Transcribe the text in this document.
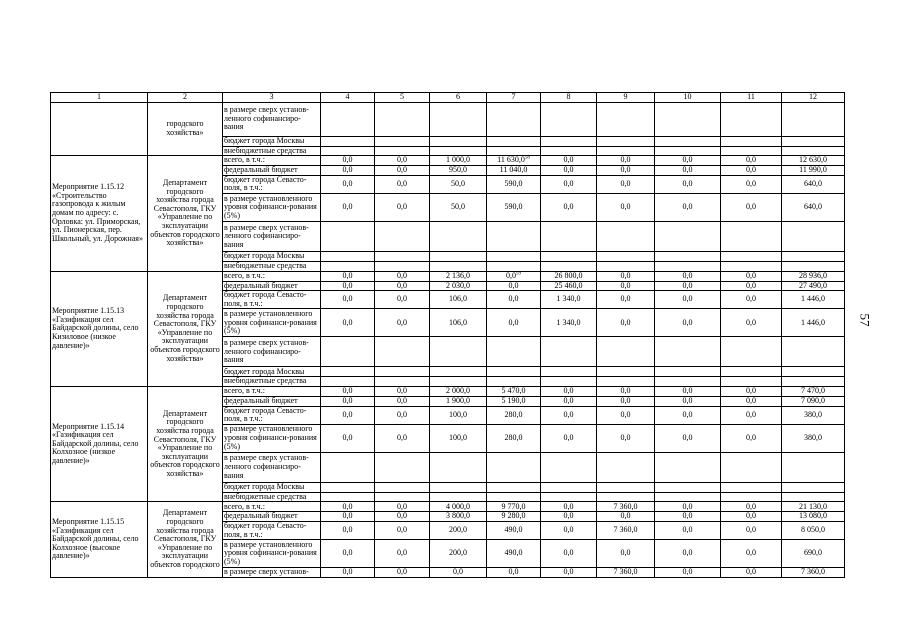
1	2	3	4	5	6	7	8	9	10	11	12
	городского хозяйства»	в размере сверх установ-ленного софинансиро-вания									
		бюджет города Москвы									
		внебюджетные средства									
Мероприятие 1.15.12 «Строительство газопровода к жилым домам по адресу: с. Орловка: ул. Приморская, ул. Пионерская, пер. Школьный, ул. Дорожная»	Департамент городского хозяйства города Севастополя, ГКУ «Управление по эксплуатации объектов городского хозяйства»	всего, в т.ч.:	0,0	0,0	1 000,0	11 630,0$^{58}$	0,0	0,0	0,0	0,0	12 630,0
		федеральный бюджет	0,0	0,0	950,0	11 040,0	0,0	0,0	0,0	0,0	11 990,0
		бюджет города Севасто-поля, в т.ч.:	0,0	0,0	50,0	590,0	0,0	0,0	0,0	0,0	640,0
		в размере установленного уровня софинанси-рования (5%)	0,0	0,0	50,0	590,0	0,0	0,0	0,0	0,0	640,0
		в размере сверх установ-ленного софинансиро-вания									
		бюджет города Москвы									
		внебюджетные средства									
Мероприятие 1.15.13 «Газификация сел Байдарской долины, село Кизиловое (низкое давление)»	Департамент городского хозяйства города Севастополя, ГКУ «Управление по эксплуатации объектов городского хозяйства»	всего, в т.ч.:	0,0	0,0	2 136,0	$0,0^{59}$	26 800,0	0,0	0,0	0,0	28 936,0
		федеральный бюджет	0,0	0,0	2 030,0	0,0	25 460,0	0,0	0,0	0,0	27 490,0
		бюджет города Севасто-поля, в т.ч.:	0,0	0,0	106,0	0,0	1 340,0	0,0	0,0	0,0	1 446,0
		в размере установленного уровня софинанси-рования (5%)	0,0	0,0	106,0	0,0	1 340,0	0,0	0,0	0,0	1 446,0
		в размере сверх установ-ленного софинансиро-вания									
		бюджет города Москвы									
		внебюджетные средства									
Мероприятие 1.15.14 «Газификация сел Байдарской долины, село Колхозное (низкое давление)»	Департамент городского хозяйства города Севастополя, ГКУ «Управление по эксплуатации объектов городского хозяйства»	всего, в т.ч.:	0,0	0,0	2 000,0	5 470,0	0,0	0,0	0,0	0,0	7 470,0
		федеральный бюджет	0,0	0,0	1 900,0	5 190,0	0,0	0,0	0,0	0,0	7 090,0
		бюджет города Севасто-поля, в т.ч.:	0,0	0,0	100,0	280,0	0,0	0,0	0,0	0,0	380,0
		в размере установленного уровня софинанси-рования (5%)	0,0	0,0	100,0	280,0	0,0	0,0	0,0	0,0	380,0
		в размере сверх установ-ленного софинансиро-вания									
		бюджет города Москвы									
		внебюджетные средства									
Мероприятие 1.15.15 «Газификация сел Байдарской долины, село Колхозное (высокое давление)»	Департамент городского хозяйства города Севастополя, ГКУ «Управление по эксплуатации объектов городского	всего, в т.ч.:	0,0	0,0	4 000,0	9 770,0	0,0	7 360,0	0,0	0,0	21 130,0
		федеральный бюджет	0,0	0,0	3 800,0	9 280,0	0,0	0,0	0,0	0,0	13 080,0
		бюджет города Севасто-поля, в т.ч.:	0,0	0,0	200,0	490,0	0,0	7 360,0	0,0	0,0	8 050,0
		в размере установленного уровня софинанси-рования (5%)	0,0	0,0	200,0	490,0	0,0	0,0	0,0	0,0	690,0
		в размере сверх установ-	0,0	0,0	0,0	0,0	0,0	7 360,0	0,0	0,0	7 360,0
57
